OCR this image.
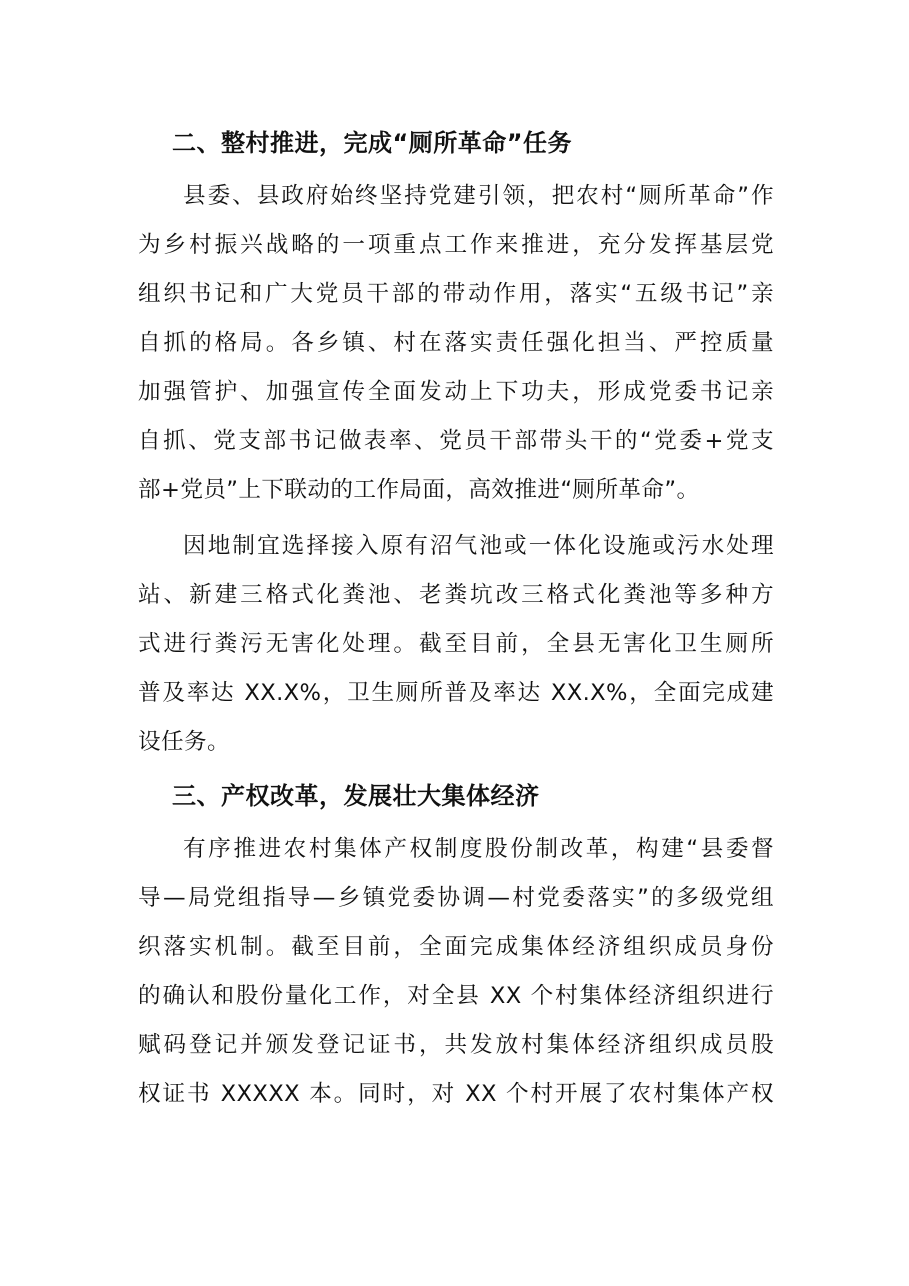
二、整村推进，完成“厕所革命”任务
县委、县政府始终坚持党建引领，把农村“厕所革命”作
为乡村振兴战略的一项重点工作来推进，充分发挥基层党
组织书记和广大党员干部的带动作用，落实“五级书记”亲
自抓的格局。各乡镇、村在落实责任强化担当、严控质量
加强管护、加强宣传全面发动上下功夫，形成党委书记亲
自抓、党支部书记做表率、党员干部带头干的“党委+党支
部+党员”上下联动的工作局面，高效推进“厕所革命”。
因地制宜选择接入原有沼气池或一体化设施或污水处理
站、新建三格式化粪池、老粪坑改三格式化粪池等多种方
式进行粪污无害化处理。截至目前，全县无害化卫生厕所
普及率达 XX.X%，卫生厕所普及率达 XX.X%，全面完成建
设任务。
三、产权改革，发展壮大集体经济
有序推进农村集体产权制度股份制改革，构建“县委督
导—局党组指导—乡镇党委协调—村党委落实”的多级党组
织落实机制。截至目前，全面完成集体经济组织成员身份
的确认和股份量化工作，对全县 XX 个村集体经济组织进行
赋码登记并颁发登记证书，共发放村集体经济组织成员股
权证书 XXXXX 本。同时，对 XX 个村开展了农村集体产权
